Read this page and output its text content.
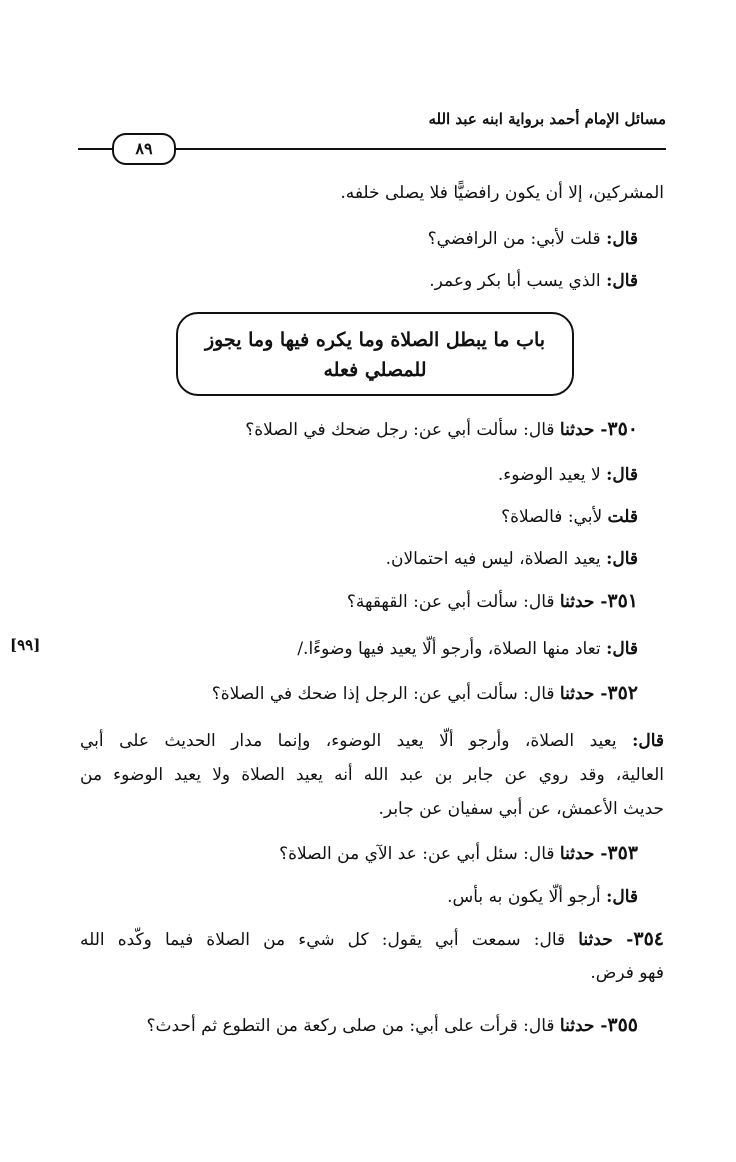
مسائل الإمام أحمد برواية ابنه عبد الله
٨٩
المشركين، إلا أن يكون رافضيًّا فلا يصلى خلفه.
قال: قلت لأبي: من الرافضي؟
قال: الذي يسب أبا بكر وعمر.
باب ما يبطل الصلاة وما يكره فيها وما يجوز
للمصلي فعله
٣٥٠- حدثنا قال: سألت أبي عن: رجل ضحك في الصلاة؟
قال: لا يعيد الوضوء.
قلت لأبي: فالصلاة؟
قال: يعيد الصلاة، ليس فيه احتمالان.
٣٥١- حدثنا قال: سألت أبي عن: القهقهة؟
[٩٩]	قال: تعاد منها الصلاة، وأرجو ألّا يعيد فيها وضوءًا./
٣٥٢- حدثنا قال: سألت أبي عن: الرجل إذا ضحك في الصلاة؟
قال: يعيد الصلاة، وأرجو ألّا يعيد الوضوء، وإنما مدار الحديث على أبي
العالية، وقد روي عن جابر بن عبد الله أنه يعيد الصلاة ولا يعيد الوضوء من
حديث الأعمش، عن أبي سفيان عن جابر.
٣٥٣- حدثنا قال: سئل أبي عن: عد الآي من الصلاة؟
قال: أرجو ألّا يكون به بأس.
٣٥٤- حدثنا قال: سمعت أبي يقول: كل شيء من الصلاة فيما وكّده الله
فهو فرض.
٣٥٥- حدثنا قال: قرأت على أبي: من صلى ركعة من التطوع ثم أحدث؟
